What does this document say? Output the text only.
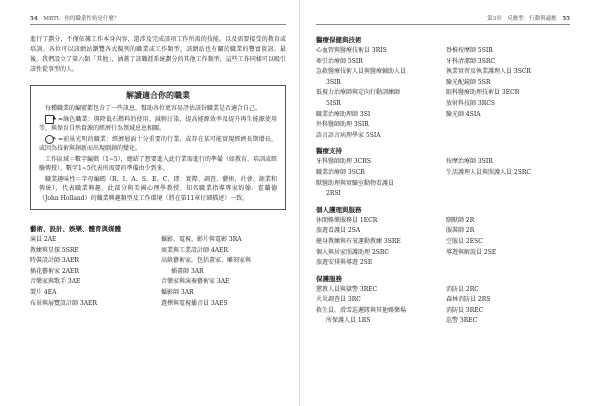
54 MBTI：你的職業性格是什麼？

進行了劃分，不僅依據工作本身內容，還涉及完成該項工作所需的技能。以及需要接受的教育或培訓。各位可以該網站瀏覽各式擬列的職業或工作類型，該網站也有關於職業的豐富資訊。最後，我們設立了第六類「其他」，涵蓋了該職涯系統劃分的其他工作類型，這些工作同樣可以吸引該性從事型的人。

解讀適合你的職業

每種職業的編號都包含了一些訊息，幫助各位更容易評估該份職業是否適合自己。

♣ =綠色職業：與降低石燃料的使用、減輕汙染，提高能源效率及提升再生能源使用等，與保育自然資源的經濟行為領域息息相關。

☀ =前景光明的職業：經濟層面十分重要的行業，或存在某可能實現經濟長期增長，或因為技術與創新而出現劇創的變化。

工作區域＝數字編碼（1~5），總結了想要進入此行業需進行的準備（如教育、培訓或經驗傳授），數字1~5代表所需要的準備由少到多。

職業趣味性＝字母編碼（R、I、A、S、E、C，即：實際、調查、藝術、社會、創業和傳統），代表職業興趣，此部分與美國心理學教授、知名職業指導專家約翰．霍蘭德（John Holland）的職業興趣類型及工作環境（將在第11章仔細描述）一致。

藝術、設計、娛樂、體育與媒體
演員 2AE
教練與星探 5SRE
時裝設計師 3AER
插花藝術家 2AER
音樂家與歌手 3AE
製片 4EA
布景與展覽設計師 3AER
攝影、電視、影片與電影 3RA
商業與工業設計師 4AER
高級藝術家，包括畫家、雕刻家與
插畫師 3AR
音樂家與演奏藝術家 3AE
攝影師 3AR
選擇與電視播音員 3AES
第3章　反應型：行動與適應 55
醫療保健與技術
心血管與醫療技術員 3RIS
牽引治療師 5SIR
急救醫療技術人員與醫療輔助人員
3SIR
低視力治療師與定向行動訓練師
5ISR
職業治療助理師 3SI
外科醫師助理 3SIR
語言語言病理學家 5SIA
脊椎按摩師 5SIR
牙科清潔師 3SRC
執業實習及執業護理人員 3SCR
驗光配鏡師 5SR
眼科醫療助理技術員 3ECR
放射科技師 3RCS
驗光師 4SIA
醫療支持
牙科醫師助理 3CRS
職業治療師 3SCR
獸醫助理與實驗室動物看護員
2RSI
按摩治療師 3SIR
生活護理人員與照護人員 2SRC
個人護理與服務
休閒娛樂服務員 1ECR
旅遊看護員 2SA
健身教練與有氧運動教練 3SRE
個人與居家照護助理 2SRC
旅遊安排與導遊 2SE
馴獸師 2R
服裝師 2R
空服員 2ESC
導遊與解說員 2SE
保護服務
懲教人員與獄警 3REC
火災調查員 3RC
救生員、滑雪巡邏隊與其他娛樂場
所保護人員 1RS
消防員 2RC
森林消防員 2RS
消防員 3REC
巡警 3REC
